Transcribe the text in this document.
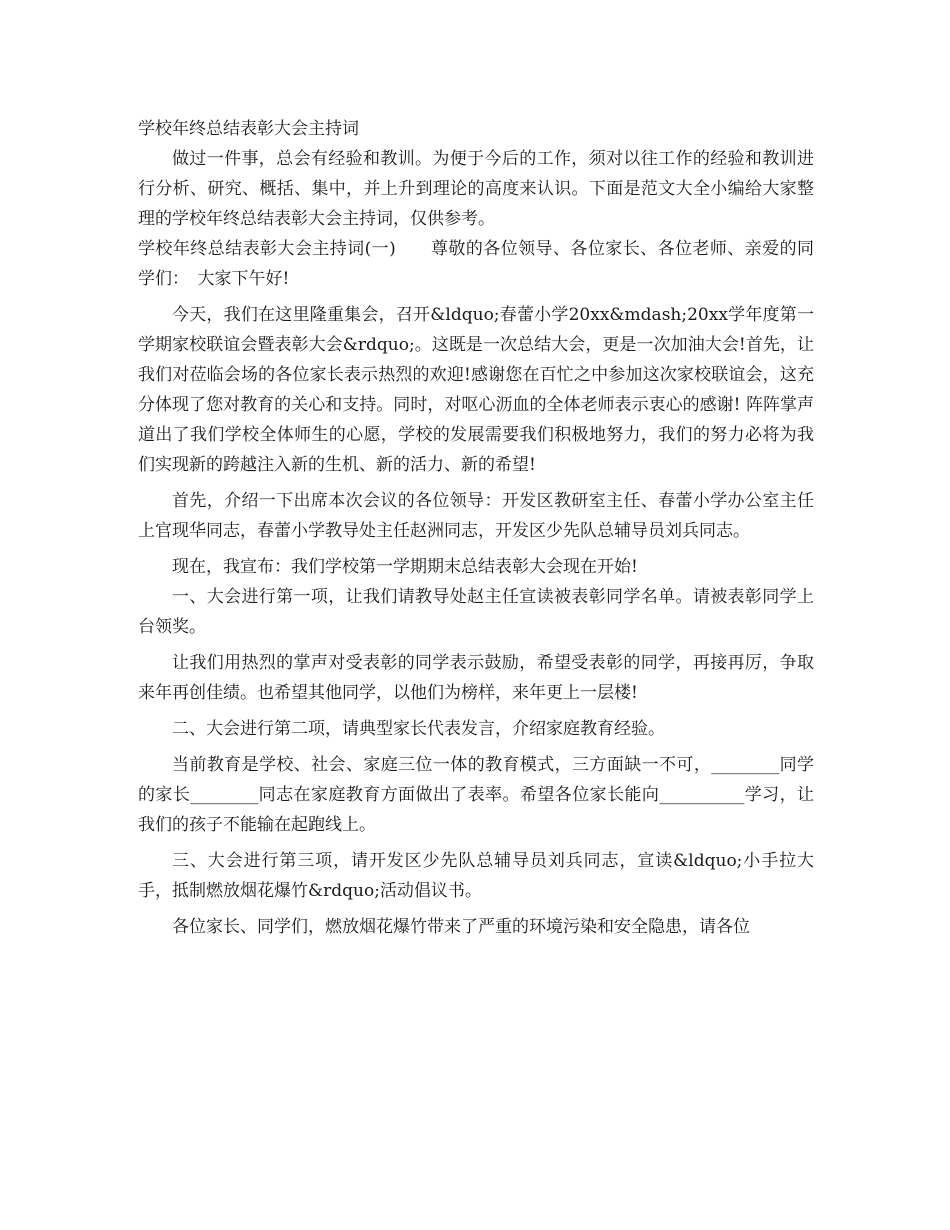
学校年终总结表彰大会主持词

做过一件事，总会有经验和教训。为便于今后的工作，须对以往工作的经验和教训进行分析、研究、概括、集中，并上升到理论的高度来认识。下面是范文大全小编给大家整理的学校年终总结表彰大会主持词，仅供参考。

学校年终总结表彰大会主持词(一)　　尊敬的各位领导、各位家长、各位老师、亲爱的同学们：　大家下午好!

今天，我们在这里隆重集会，召开&ldquo;春蕾小学20xx&mdash;20xx学年度第一学期家校联谊会暨表彰大会&rdquo;。这既是一次总结大会，更是一次加油大会!首先，让我们对莅临会场的各位家长表示热烈的欢迎!感谢您在百忙之中参加这次家校联谊会，这充分体现了您对教育的关心和支持。同时，对呕心沥血的全体老师表示衷心的感谢! 阵阵掌声道出了我们学校全体师生的心愿，学校的发展需要我们积极地努力，我们的努力必将为我们实现新的跨越注入新的生机、新的活力、新的希望!

首先，介绍一下出席本次会议的各位领导：开发区教研室主任、春蕾小学办公室主任上官现华同志，春蕾小学教导处主任赵洲同志，开发区少先队总辅导员刘兵同志。

现在，我宣布：我们学校第一学期期末总结表彰大会现在开始!

一、大会进行第一项，让我们请教导处赵主任宣读被表彰同学名单。请被表彰同学上台领奖。

让我们用热烈的掌声对受表彰的同学表示鼓励，希望受表彰的同学，再接再厉，争取来年再创佳绩。也希望其他同学，以他们为榜样，来年更上一层楼!

二、大会进行第二项，请典型家长代表发言，介绍家庭教育经验。

当前教育是学校、社会、家庭三位一体的教育模式，三方面缺一不可，________同学的家长________同志在家庭教育方面做出了表率。希望各位家长能向__________学习，让我们的孩子不能输在起跑线上。

三、大会进行第三项，请开发区少先队总辅导员刘兵同志，宣读&ldquo;小手拉大手，抵制燃放烟花爆竹&rdquo;活动倡议书。

各位家长、同学们，燃放烟花爆竹带来了严重的环境污染和安全隐患，请各位
